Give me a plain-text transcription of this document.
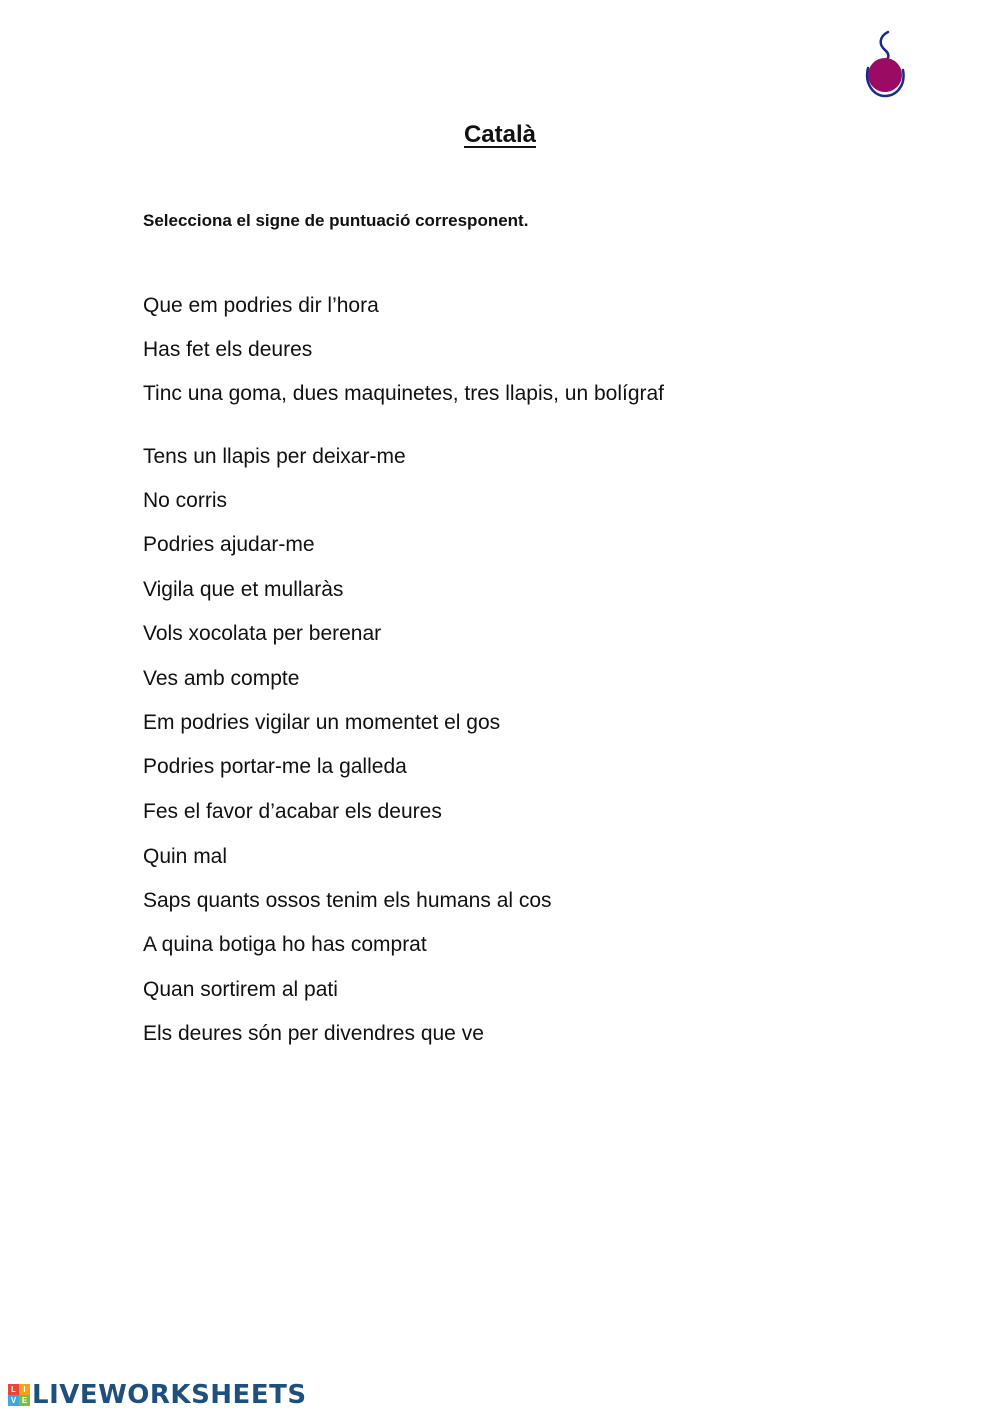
Català
Selecciona el signe de puntuació corresponent.
Que em podries dir l’hora
Has fet els deures
Tinc una goma, dues maquinetes, tres llapis, un bolígraf
Tens un llapis per deixar-me
No corris
Podries ajudar-me
Vigila que et mullaràs
Vols xocolata per berenar
Ves amb compte
Em podries vigilar un momentet el gos
Podries portar-me la galleda
Fes el favor d’acabar els deures
Quin mal
Saps quants ossos tenim els humans al cos
A quina botiga ho has comprat
Quan sortirem al pati
Els deures són per divendres que ve
L I
V E LIVEWORKSHEETS
